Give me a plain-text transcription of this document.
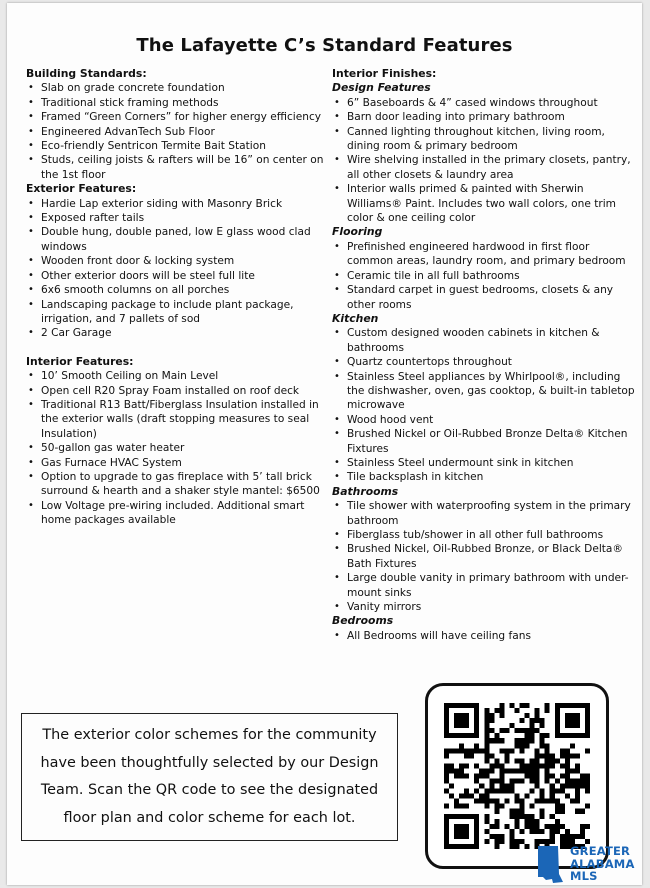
The Lafayette C’s Standard Features
Building Standards:
• Slab on grade concrete foundation
• Traditional stick framing methods
• Framed “Green Corners” for higher energy efficiency
• Engineered AdvanTech Sub Floor
• Eco-friendly Sentricon Termite Bait Station
• Studs, ceiling joists & rafters will be 16” on center on the 1st floor
Exterior Features:
• Hardie Lap exterior siding with Masonry Brick
• Exposed rafter tails
• Double hung, double paned, low E glass wood clad windows
• Wooden front door & locking system
• Other exterior doors will be steel full lite
• 6x6 smooth columns on all porches
• Landscaping package to include plant package, irrigation, and 7 pallets of sod
• 2 Car Garage
Interior Features:
• 10’ Smooth Ceiling on Main Level
• Open cell R20 Spray Foam installed on roof deck
• Traditional R13 Batt/Fiberglass Insulation installed in the exterior walls (draft stopping measures to seal Insulation)
• 50-gallon gas water heater
• Gas Furnace HVAC System
• Option to upgrade to gas fireplace with 5’ tall brick surround & hearth and a shaker style mantel: $6500
• Low Voltage pre-wiring included. Additional smart home packages available
Interior Finishes:
Design Features
• 6” Baseboards & 4” cased windows throughout
• Barn door leading into primary bathroom
• Canned lighting throughout kitchen, living room, dining room & primary bedroom
• Wire shelving installed in the primary closets, pantry, all other closets & laundry area
• Interior walls primed & painted with Sherwin Williams® Paint. Includes two wall colors, one trim color & one ceiling color
Flooring
• Prefinished engineered hardwood in first floor common areas, laundry room, and primary bedroom
• Ceramic tile in all full bathrooms
• Standard carpet in guest bedrooms, closets & any other rooms
Kitchen
• Custom designed wooden cabinets in kitchen & bathrooms
• Quartz countertops throughout
• Stainless Steel appliances by Whirlpool®, including the dishwasher, oven, gas cooktop, & built-in tabletop microwave
• Wood hood vent
• Brushed Nickel or Oil-Rubbed Bronze Delta® Kitchen Fixtures
• Stainless Steel undermount sink in kitchen
• Tile backsplash in kitchen
Bathrooms
• Tile shower with waterproofing system in the primary bathroom
• Fiberglass tub/shower in all other full bathrooms
• Brushed Nickel, Oil-Rubbed Bronze, or Black Delta® Bath Fixtures
• Large double vanity in primary bathroom with under-mount sinks
• Vanity mirrors
Bedrooms
• All Bedrooms will have ceiling fans
The exterior color schemes for the community have been thoughtfully selected by our Design Team. Scan the QR code to see the designated floor plan and color scheme for each lot.
GREATER
ALABAMA
MLS
